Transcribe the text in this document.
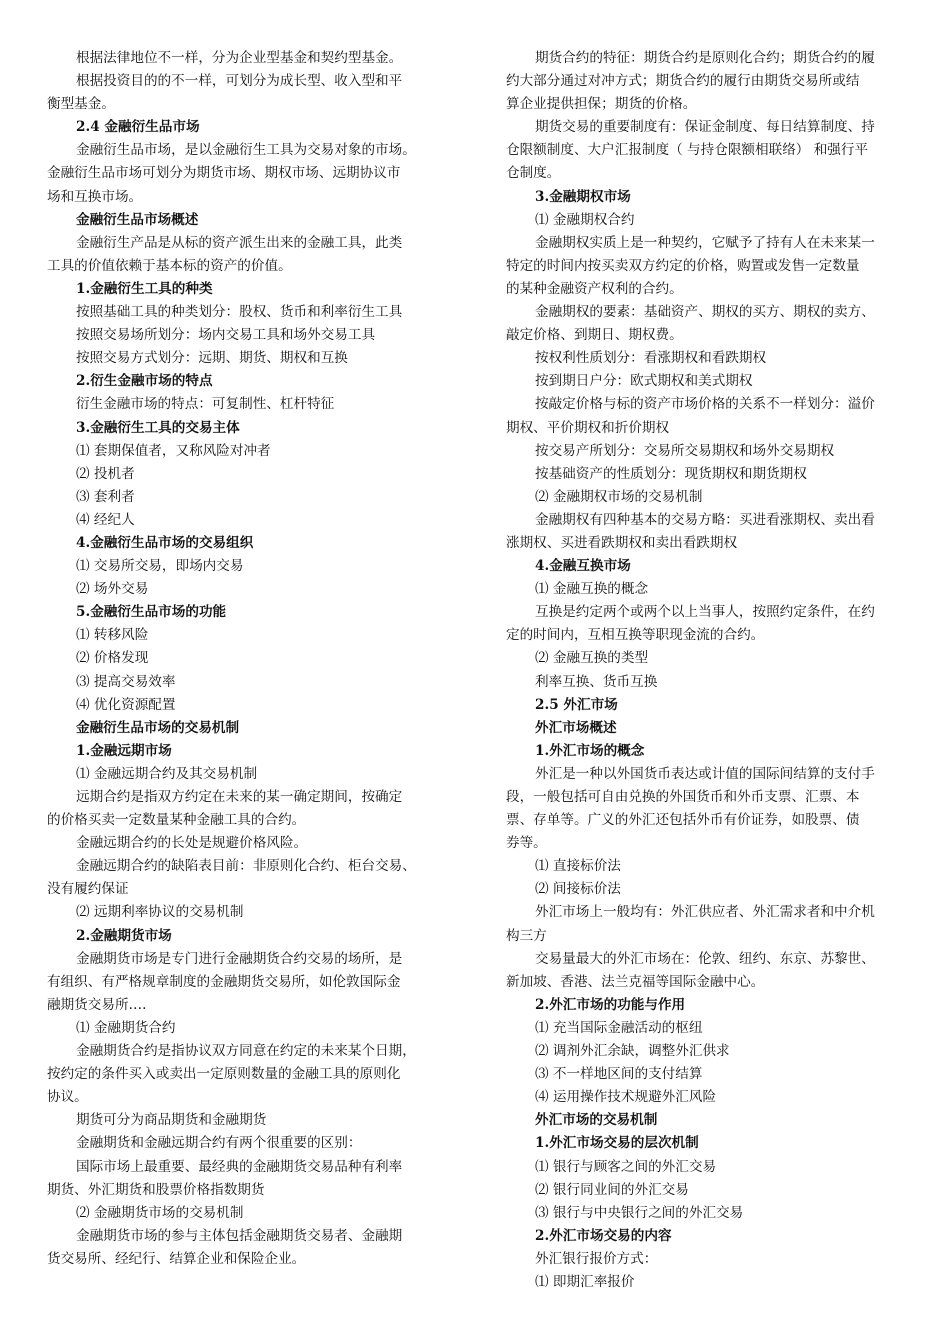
根据法律地位不一样，分为企业型基金和契约型基金。
根据投资目的的不一样，可划分为成长型、收入型和平
衡型基金。
2.4 金融衍生品市场
金融衍生品市场，是以金融衍生工具为交易对象的市场。
金融衍生品市场可划分为期货市场、期权市场、远期协议市
场和互换市场。
金融衍生品市场概述
金融衍生产品是从标的资产派生出来的金融工具，此类
工具的价值依赖于基本标的资产的价值。
1.金融衍生工具的种类
按照基础工具的种类划分：股权、货币和利率衍生工具
按照交易场所划分：场内交易工具和场外交易工具
按照交易方式划分：远期、期货、期权和互换
2.衍生金融市场的特点
衍生金融市场的特点：可复制性、杠杆特征
3.金融衍生工具的交易主体
⑴ 套期保值者，又称风险对冲者
⑵ 投机者
⑶ 套利者
⑷ 经纪人
4.金融衍生品市场的交易组织
⑴ 交易所交易，即场内交易
⑵ 场外交易
5.金融衍生品市场的功能
⑴ 转移风险
⑵ 价格发现
⑶ 提高交易效率
⑷ 优化资源配置
金融衍生品市场的交易机制
1.金融远期市场
⑴ 金融远期合约及其交易机制
远期合约是指双方约定在未来的某一确定期间，按确定
的价格买卖一定数量某种金融工具的合约。
金融远期合约的长处是规避价格风险。
金融远期合约的缺陷表目前：非原则化合约、柜台交易、
没有履约保证
⑵ 远期利率协议的交易机制
2.金融期货市场
金融期货市场是专门进行金融期货合约交易的场所，是
有组织、有严格规章制度的金融期货交易所，如伦敦国际金
融期货交易所….
⑴ 金融期货合约
金融期货合约是指协议双方同意在约定的未来某个日期，
按约定的条件买入或卖出一定原则数量的金融工具的原则化
协议。
期货可分为商品期货和金融期货
金融期货和金融远期合约有两个很重要的区别：
国际市场上最重要、最经典的金融期货交易品种有利率
期货、外汇期货和股票价格指数期货
⑵ 金融期货市场的交易机制
金融期货市场的参与主体包括金融期货交易者、金融期
货交易所、经纪行、结算企业和保险企业。
期货合约的特征：期货合约是原则化合约；期货合约的履
约大部分通过对冲方式；期货合约的履行由期货交易所或结
算企业提供担保；期货的价格。
期货交易的重要制度有：保证金制度、每日结算制度、持
仓限额制度、大户汇报制度（ 与持仓限额相联络） 和强行平
仓制度。
3.金融期权市场
⑴ 金融期权合约
金融期权实质上是一种契约，它赋予了持有人在未来某一
特定的时间内按买卖双方约定的价格，购置或发售一定数量
的某种金融资产权利的合约。
金融期权的要素：基础资产、期权的买方、期权的卖方、
敲定价格、到期日、期权费。
按权利性质划分：看涨期权和看跌期权
按到期日户分：欧式期权和美式期权
按敲定价格与标的资产市场价格的关系不一样划分：溢价
期权、平价期权和折价期权
按交易产所划分：交易所交易期权和场外交易期权
按基础资产的性质划分：现货期权和期货期权
⑵ 金融期权市场的交易机制
金融期权有四种基本的交易方略：买进看涨期权、卖出看
涨期权、买进看跌期权和卖出看跌期权
4.金融互换市场
⑴ 金融互换的概念
互换是约定两个或两个以上当事人，按照约定条件，在约
定的时间内，互相互换等职现金流的合约。
⑵ 金融互换的类型
利率互换、货币互换
2.5 外汇市场
外汇市场概述
1.外汇市场的概念
外汇是一种以外国货币表达或计值的国际间结算的支付手
段，一般包括可自由兑换的外国货币和外币支票、汇票、本
票、存单等。广义的外汇还包括外币有价证券，如股票、债
券等。
⑴ 直接标价法
⑵ 间接标价法
外汇市场上一般均有：外汇供应者、外汇需求者和中介机
构三方
交易量最大的外汇市场在：伦敦、纽约、东京、苏黎世、
新加坡、香港、法兰克福等国际金融中心。
2.外汇市场的功能与作用
⑴ 充当国际金融活动的枢纽
⑵ 调剂外汇余缺，调整外汇供求
⑶ 不一样地区间的支付结算
⑷ 运用操作技术规避外汇风险
外汇市场的交易机制
1.外汇市场交易的层次机制
⑴ 银行与顾客之间的外汇交易
⑵ 银行同业间的外汇交易
⑶ 银行与中央银行之间的外汇交易
2.外汇市场交易的内容
外汇银行报价方式：
⑴ 即期汇率报价
